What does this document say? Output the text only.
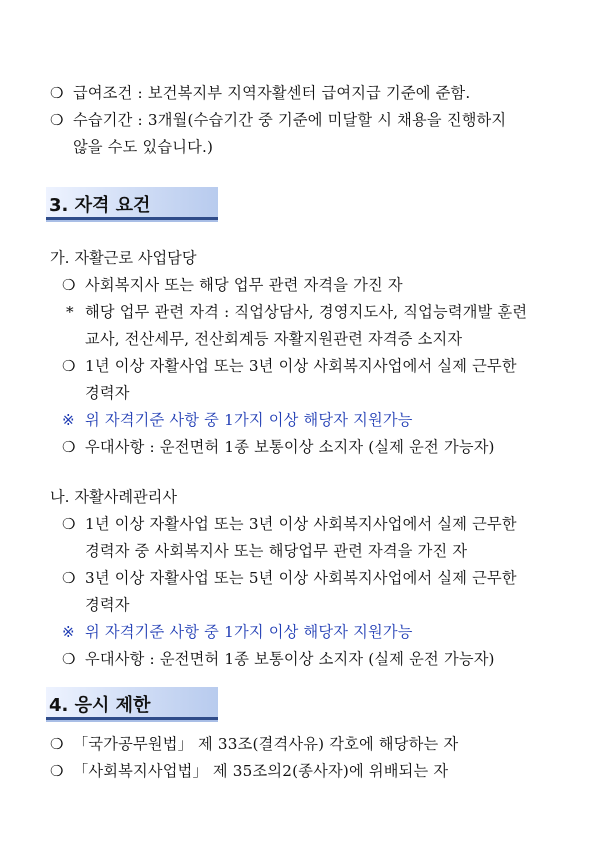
❍ 급여조건 : 보건복지부 지역자활센터 급여지급 기준에 준함.
❍ 수습기간 : 3개월(수습기간 중 기준에 미달할 시 채용을 진행하지
않을 수도 있습니다.)
3. 자격 요건
가. 자활근로 사업담당
❍ 사회복지사 또는 해당 업무 관련 자격을 가진 자
* 해당 업무 관련 자격 : 직업상담사, 경영지도사, 직업능력개발 훈련
교사, 전산세무, 전산회계등 자활지원관련 자격증 소지자
❍ 1년 이상 자활사업 또는 3년 이상 사회복지사업에서 실제 근무한
경력자
※ 위 자격기준 사항 중 1가지 이상 해당자 지원가능
❍ 우대사항 : 운전면허 1종 보통이상 소지자 (실제 운전 가능자)
나. 자활사례관리사
❍ 1년 이상 자활사업 또는 3년 이상 사회복지사업에서 실제 근무한
경력자 중 사회복지사 또는 해당업무 관련 자격을 가진 자
❍ 3년 이상 자활사업 또는 5년 이상 사회복지사업에서 실제 근무한
경력자
※ 위 자격기준 사항 중 1가지 이상 해당자 지원가능
❍ 우대사항 : 운전면허 1종 보통이상 소지자 (실제 운전 가능자)
4. 응시 제한
❍ 「국가공무원법」 제 33조(결격사유) 각호에 해당하는 자
❍ 「사회복지사업법」 제 35조의2(종사자)에 위배되는 자
